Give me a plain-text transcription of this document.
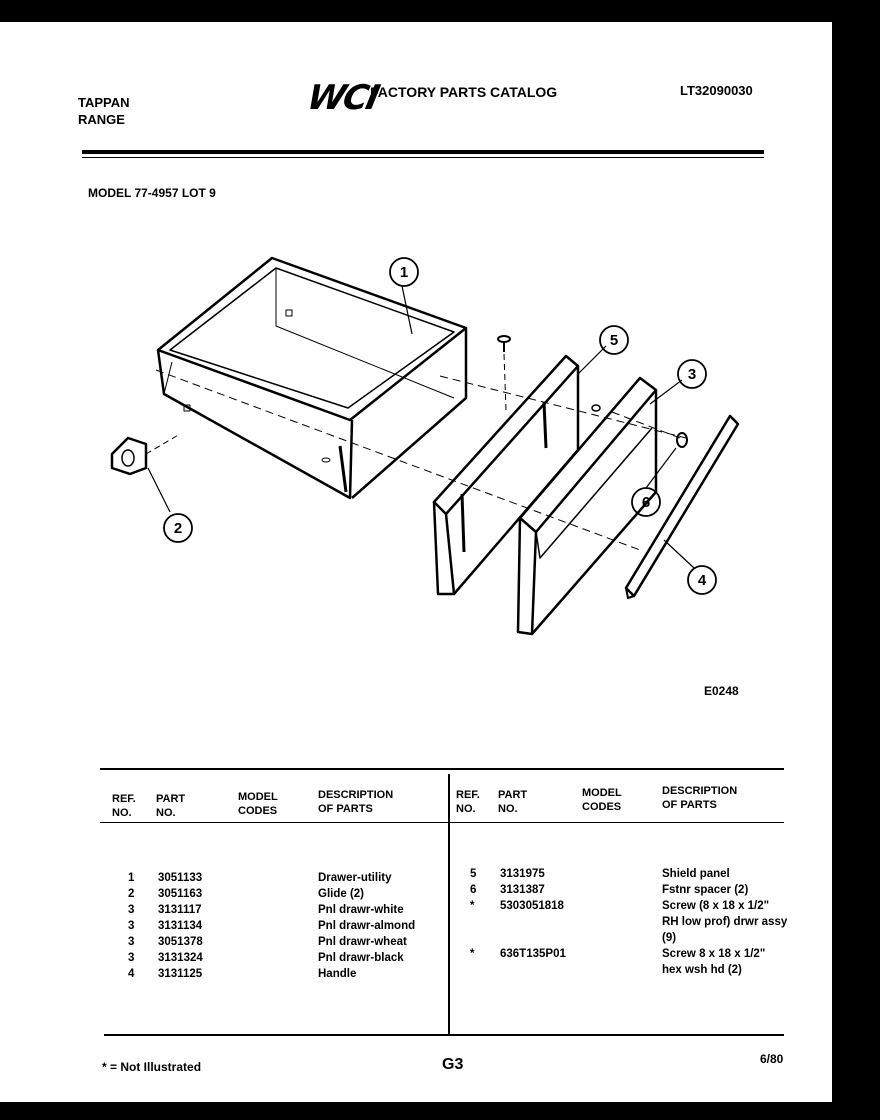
TAPPAN
RANGE
WCI
FACTORY PARTS CATALOG	LT32090030
MODEL 77-4957 LOT 9
1
2
3
4
5
6
E0248
REF.
NO.
PART
NO.
MODEL
CODES
DESCRIPTION
OF PARTS
REF.
NO.
PART
NO.
MODEL
CODES
DESCRIPTION
OF PARTS
1 3051133	Drawer-utility
2 3051163	Glide (2)
3 3131117	Pnl drawr-white
3 3131134	Pnl drawr-almond
3 3051378	Pnl drawr-wheat
3 3131324	Pnl drawr-black
4 3131125	Handle
5 3131975	Shield panel
6 3131387	Fstnr spacer (2)
* 5303051818	Screw (8 x 18 x 1/2"
RH low prof) drwr assy
(9)
* 636T135P01	Screw 8 x 18 x 1/2"
hex wsh hd (2)
* = Not Illustrated	G3	6/80
